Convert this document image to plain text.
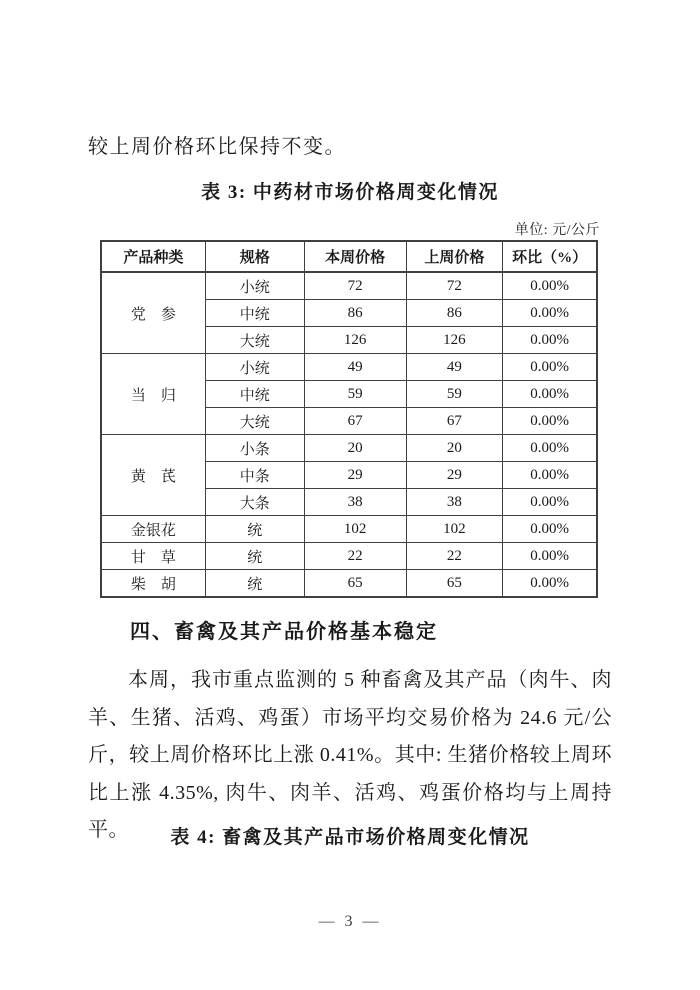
较上周价格环比保持不变。

表 3: 中药材市场价格周变化情况
单位: 元/公斤
产品种类	规格	本周价格	上周价格	环比（%）
党　参	小统	72	72	0.00%
	中统	86	86	0.00%
	大统	126	126	0.00%
当　归	小统	49	49	0.00%
	中统	59	59	0.00%
	大统	67	67	0.00%
黄　芪	小条	20	20	0.00%
	中条	29	29	0.00%
	大条	38	38	0.00%
金银花	统	102	102	0.00%
甘　草	统	22	22	0.00%
柴　胡	统	65	65	0.00%
四、畜禽及其产品价格基本稳定

本周，我市重点监测的 5 种畜禽及其产品（肉牛、肉羊、生猪、活鸡、鸡蛋）市场平均交易价格为 24.6 元/公斤，较上周价格环比上涨 0.41%。其中: 生猪价格较上周环比上涨 4.35%, 肉牛、肉羊、活鸡、鸡蛋价格均与上周持平。	表 4: 畜禽及其产品市场价格周变化情况
— 3 —
